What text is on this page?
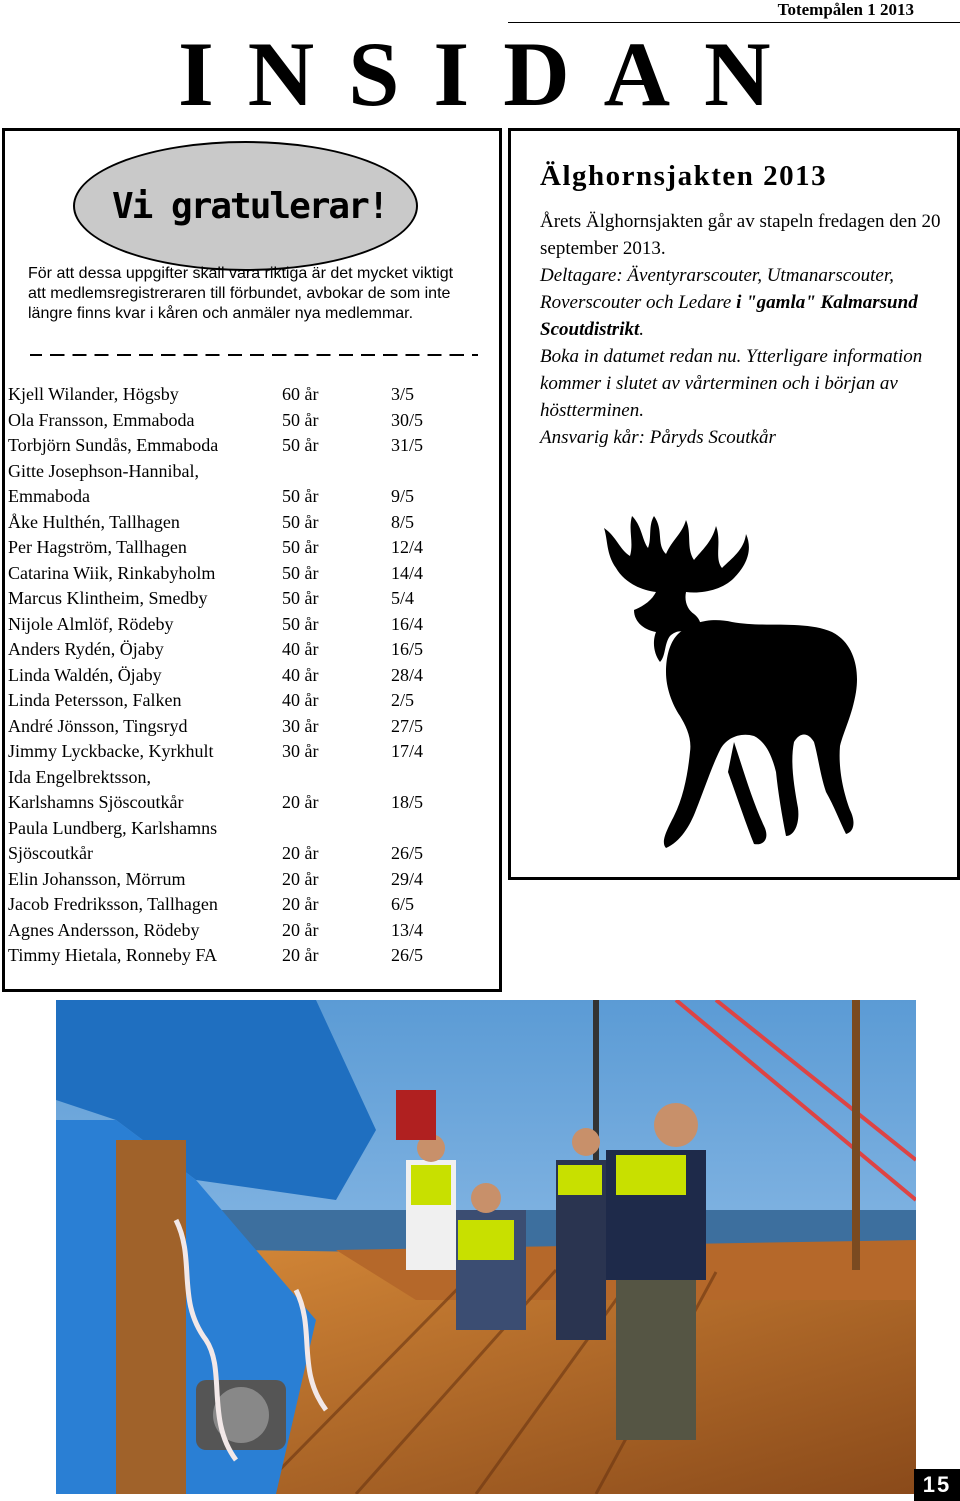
Totempålen 1 2013
INSIDAN
Vi gratulerar!
För att dessa uppgifter skall vara riktiga är det mycket viktigt att medlemsregistreraren till förbundet, avbokar de som inte längre finns kvar i kåren och anmäler nya medlemmar.
Kjell Wilander, Högsby	60 år	3/5
Ola Fransson, Emmaboda	50 år	30/5
Torbjörn Sundås, Emmaboda	50 år	31/5
Gitte Josephson-Hannibal,
Emmaboda	50 år	9/5
Åke Hulthén, Tallhagen	50 år	8/5
Per Hagström, Tallhagen	50 år	12/4
Catarina Wiik, Rinkabyholm	50 år	14/4
Marcus Klintheim, Smedby	50 år	5/4
Nijole Almlöf, Rödeby	50 år	16/4
Anders Rydén, Öjaby	40 år	16/5
Linda Waldén, Öjaby	40 år	28/4
Linda Petersson, Falken	40 år	2/5
André Jönsson, Tingsryd	30 år	27/5
Jimmy Lyckbacke, Kyrkhult	30 år	17/4
Ida Engelbrektsson,
Karlshamns Sjöscoutkår	20 år	18/5
Paula Lundberg, Karlshamns
Sjöscoutkår	20 år	26/5
Elin Johansson, Mörrum	20 år	29/4
Jacob Fredriksson, Tallhagen	20 år	6/5
Agnes Andersson, Rödeby	20 år	13/4
Timmy Hietala, Ronneby FA	20 år	26/5
Älghornsjakten 2013
Årets Älghornsjakten går av stapeln fredagen den 20 september 2013.
Deltagare: Äventyrarscouter, Utmanarscouter, Roverscouter och Ledare i "gamla" Kalmarsund Scoutdistrikt.
Boka in datumet redan nu. Ytterligare information kommer i slutet av vårterminen och i början av höstterminen.
Ansvarig kår: Påryds Scoutkår
15
